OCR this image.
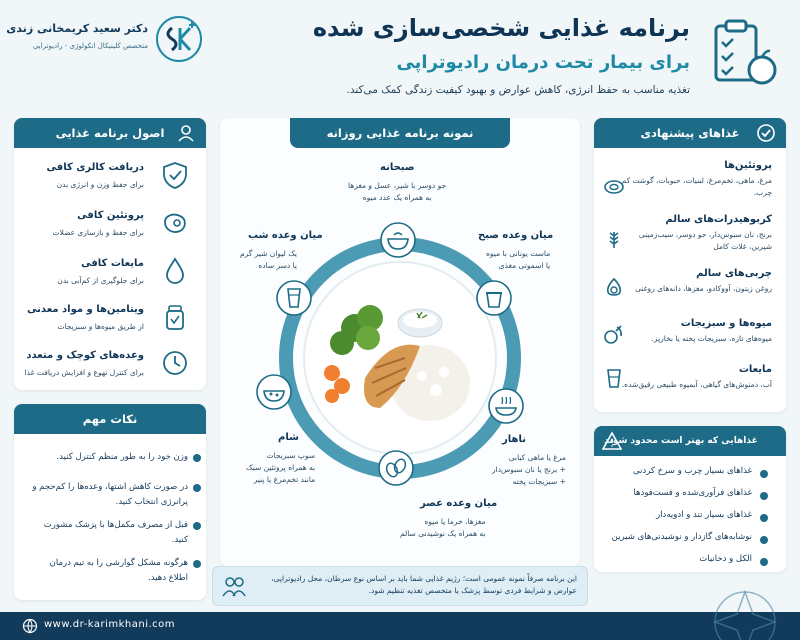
دکتر سعید کریمخانی زندی
متخصص کلینیکال انکولوژی - رادیوتراپی
برنامه غذایی شخصی‌سازی شده
برای بیمار تحت درمان رادیوتراپی
تغذیه مناسب به حفظ انرژی، کاهش عوارض و بهبود کیفیت زندگی کمک می‌کند.
غذاهای پیشنهادی
پروتئین‌ها
مرغ، ماهی، تخم‌مرغ، لبنیات، حبوبات، گوشت کم چرب.
کربوهیدرات‌های سالم
برنج، نان سبوس‌دار، جو دوسر، سیب‌زمینی شیرین، غلات کامل
چربی‌های سالم
روغن زیتون، آووکادو، مغزها، دانه‌های روغنی
میوه‌ها و سبزیجات
میوه‌های تازه، سبزیجات پخته یا بخارپز.
مایعات
آب، دمنوش‌های گیاهی، آبمیوه طبیعی رقیق‌شده.
غذاهایی که بهتر است محدود شوند
غذاهای بسیار چرب و سرخ کردنی
غذاهای فرآوری‌شده و فست‌فودها
غذاهای بسیار تند و ادویه‌دار
نوشابه‌های گازدار و نوشیدنی‌های شیرین
الکل و دخانیات
اصول برنامه غذایی
دریافت کالری کافی
برای حفظ وزن و انرژی بدن
پروتئین کافی
برای حفظ و بازسازی عضلات
مایعات کافی
برای جلوگیری از کم‌آبی بدن
ویتامین‌ها و مواد معدنی
از طریق میوه‌ها و سبزیجات
وعده‌های کوچک و متعدد
برای کنترل تهوع و افزایش دریافت غذا
نکات مهم
وزن خود را به طور منظم کنترل کنید.
در صورت کاهش اشتها، وعده‌ها را کم‌حجم و پرانرژی انتخاب کنید.
قبل از مصرف مکمل‌ها با پزشک مشورت کنید.
هرگونه مشکل گوارشی را به تیم درمان اطلاع دهید.
نمونه برنامه غذایی روزانه
صبحانه
جو دوسر با شیر، عسل و مغزها
به همراه یک عدد میوه
میان وعده صبح
ماست یونانی با میوه
یا اسموتی مغذی
ناهار
مرغ یا ماهی کبابی
+ برنج یا نان سبوس‌دار
+ سبزیجات پخته
میان وعده عصر
مغزها، خرما یا میوه
به همراه یک نوشیدنی سالم
شام
سوپ سبزیجات
به همراه پروتئین سبک
مانند تخم‌مرغ یا پنیر
میان وعده شب
یک لیوان شیر گرم
یا دسر ساده
این برنامه صرفاً نمونه عمومی است؛ رژیم غذایی شما باید بر اساس نوع سرطان، محل رادیوتراپی، عوارض و شرایط فردی توسط پزشک یا متخصص تغذیه تنظیم شود.
www.dr-karimkhani.com
